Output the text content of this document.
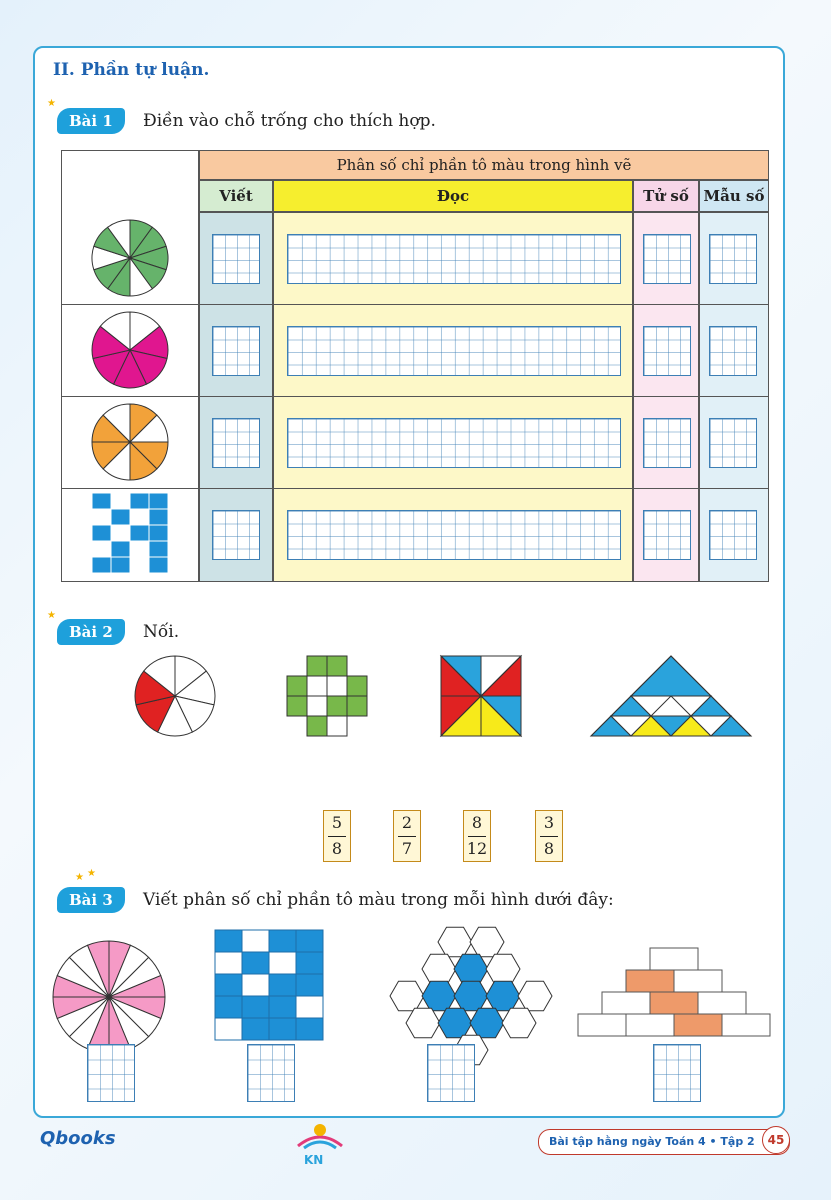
II. Phần tự luận.
★
Bài 1	Điền vào chỗ trống cho thích hợp.
Phân số chỉ phần tô màu trong hình vẽ
Viết	Đọc	Tử số Mẫu số
★
Bài 2	Nối.
5
8
2
7
8
12
3
8
★ ★
Bài 3	Viết phân số chỉ phần tô màu trong mỗi hình dưới đây:
Qbooks
KN
Bài tập hằng ngày Toán 4 • Tập 2	45
